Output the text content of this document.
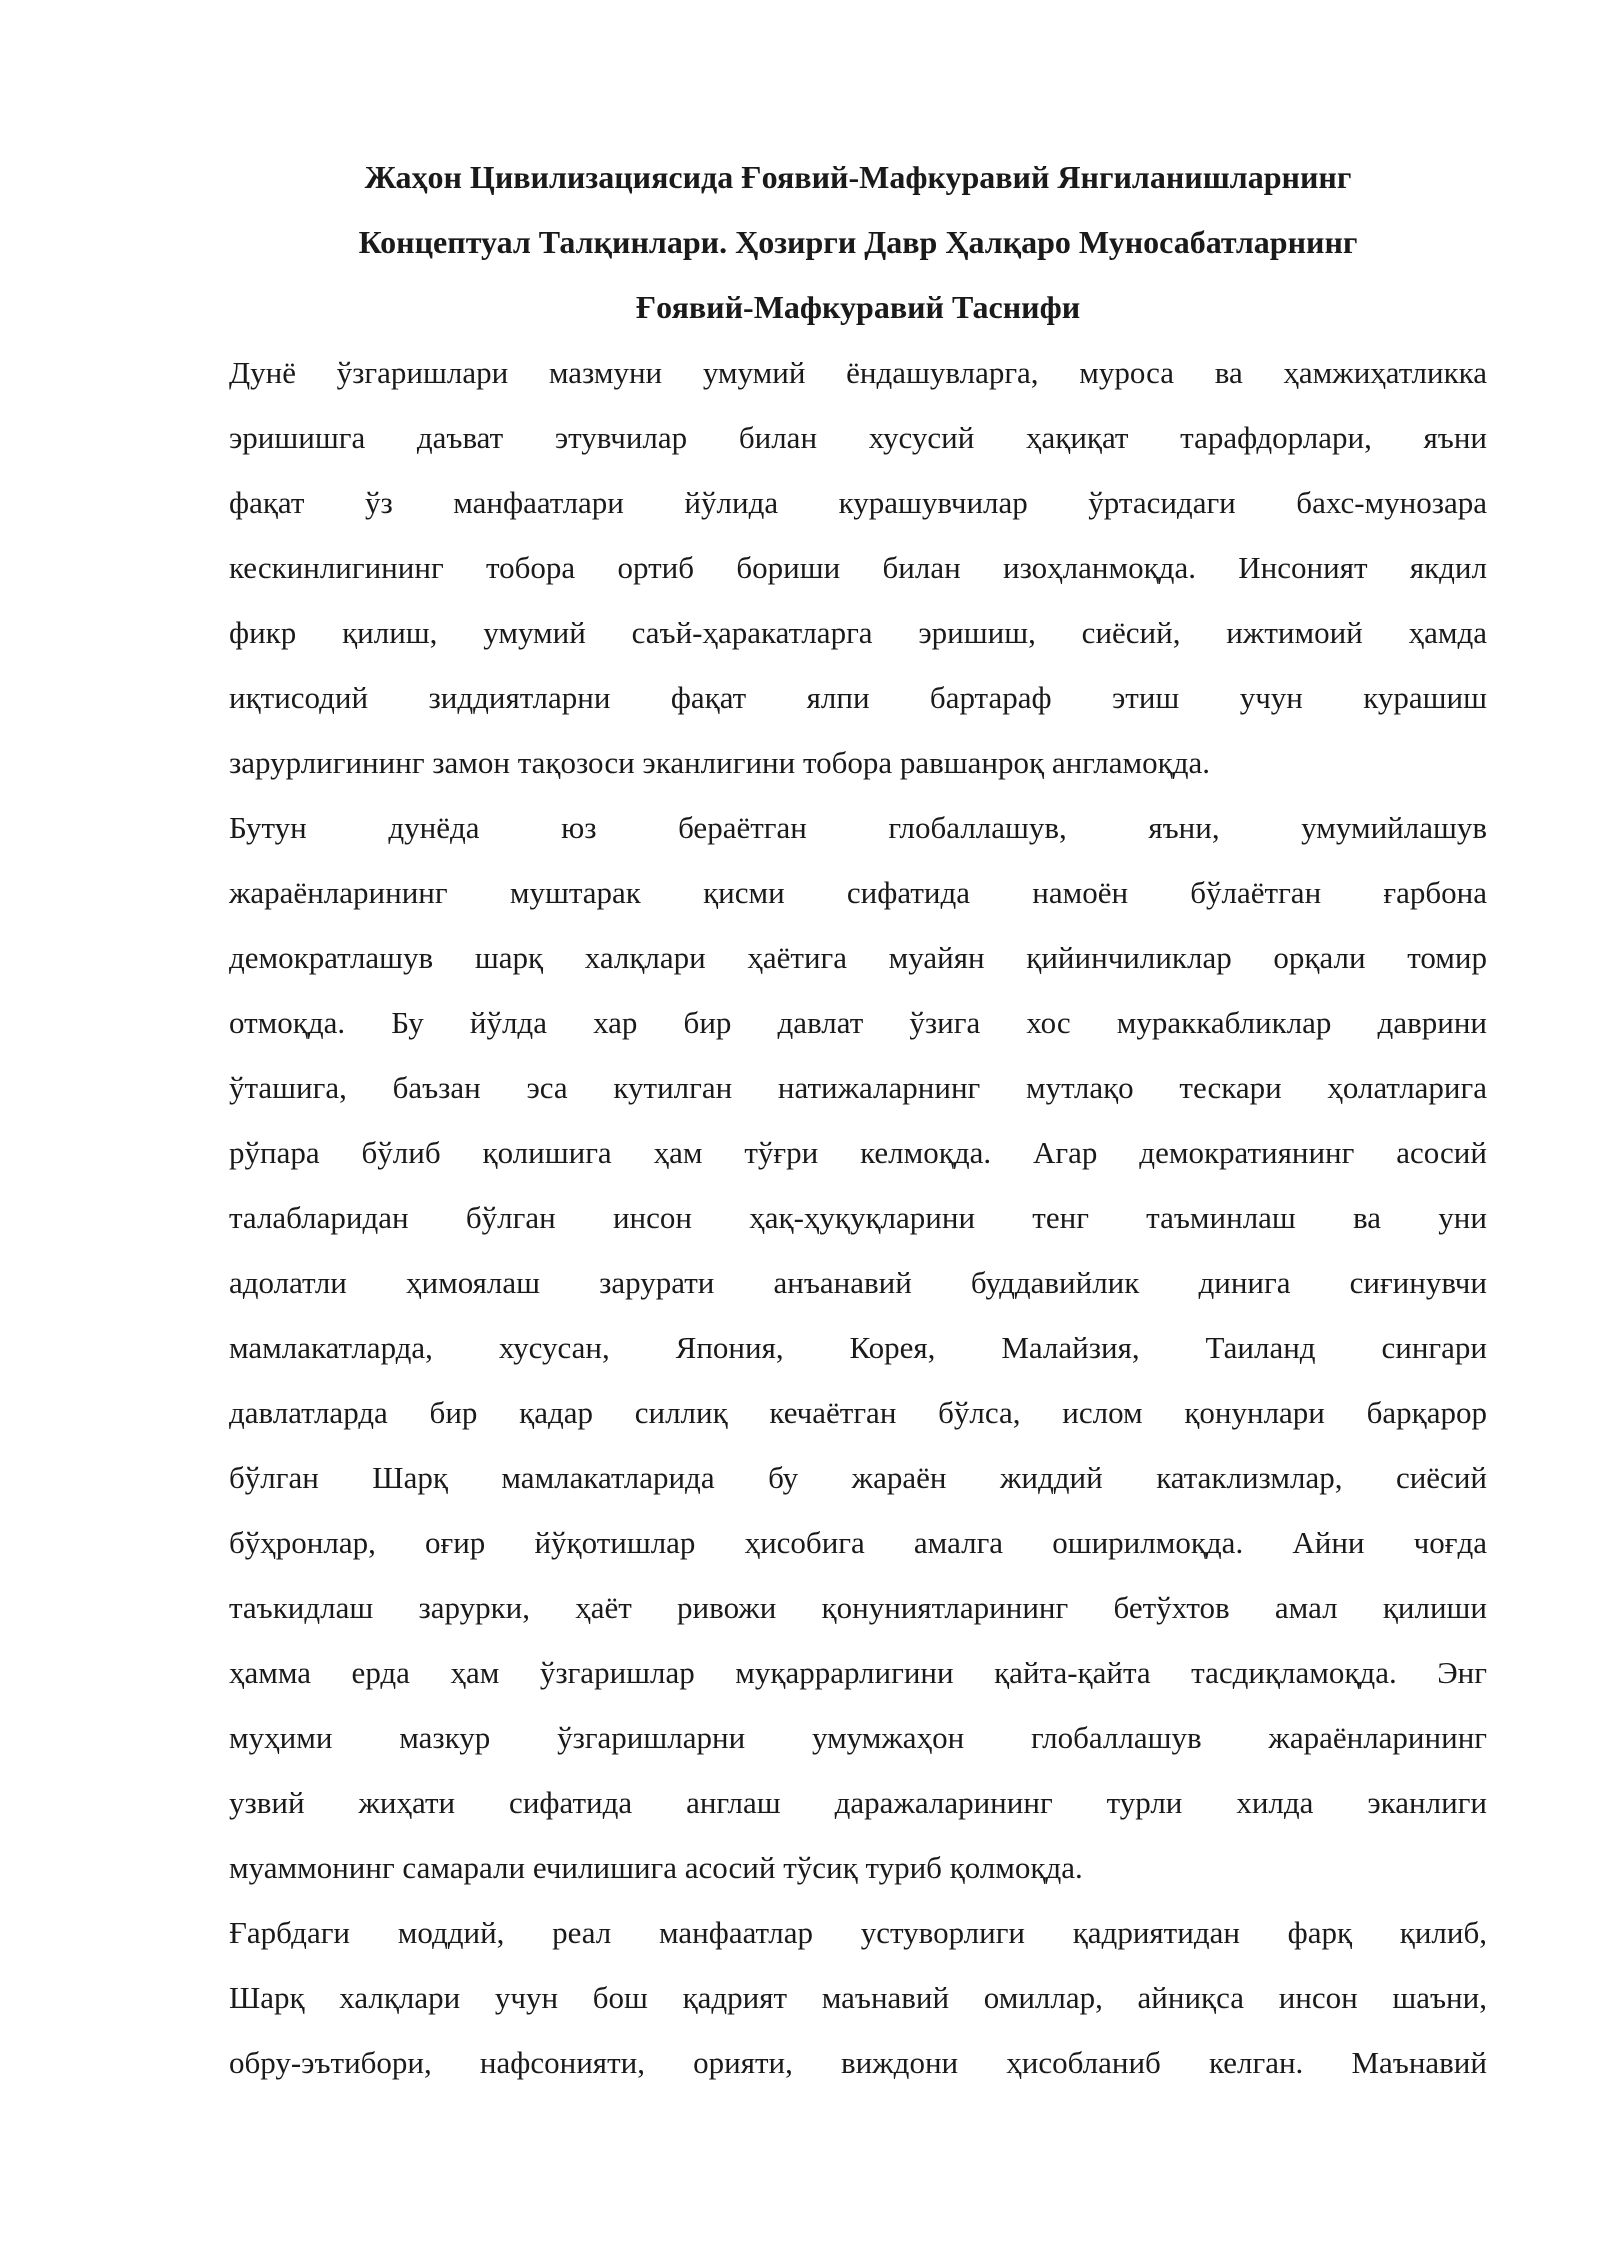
Жаҳон Цивилизациясида Ғоявий-Мафкуравий Янгиланишларнинг
Концептуал Талқинлари. Ҳозирги Давр Ҳалқаро Муносабатларнинг
Ғоявий-Мафкуравий Таснифи

Дунё ўзгаришлари мазмуни умумий ёндашувларга, муроса ва ҳамжиҳатликка
эришишга даъват этувчилар билан хусусий ҳақиқат тарафдорлари, яъни
фақат ўз манфаатлари йўлида курашувчилар ўртасидаги бахс-мунозара
кескинлигининг тобора ортиб бориши билан изоҳланмоқда. Инсоният якдил
фикр қилиш, умумий саъй-ҳаракатларга эришиш, сиёсий, ижтимоий ҳамда
иқтисодий зиддиятларни фақат ялпи бартараф этиш учун курашиш
зарурлигининг замон тақозоси эканлигини тобора равшанроқ англамоқда.

Бутун дунёда юз бераётган глобаллашув, яъни, умумийлашув
жараёнларининг муштарак қисми сифатида намоён бўлаётган ғарбона
демократлашув шарқ халқлари ҳаётига муайян қийинчиликлар орқали томир
отмоқда. Бу йўлда хар бир давлат ўзига хос мураккабликлар даврини
ўташига, баъзан эса кутилган натижаларнинг мутлақо тескари ҳолатларига
рўпара бўлиб қолишига ҳам тўғри келмоқда. Агар демократиянинг асосий
талабларидан бўлган инсон ҳақ-ҳуқуқларини тенг таъминлаш ва уни
адолатли ҳимоялаш зарурати анъанавий буддавийлик динига сиғинувчи
мамлакатларда, хусусан, Япония, Корея, Малайзия, Таиланд сингари
давлатларда бир қадар силлиқ кечаётган бўлса, ислом қонунлари барқарор
бўлган Шарқ мамлакатларида бу жараён жиддий катаклизмлар, сиёсий
бўҳронлар, оғир йўқотишлар ҳисобига амалга оширилмоқда. Айни чоғда
таъкидлаш зарурки, ҳаёт ривожи қонуниятларининг бетўхтов амал қилиши
ҳамма ерда ҳам ўзгаришлар муқаррарлигини қайта-қайта тасдиқламоқда. Энг
муҳими мазкур ўзгаришларни умумжаҳон глобаллашув жараёнларининг
узвий жиҳати сифатида англаш даражаларининг турли хилда эканлиги
муаммонинг самарали ечилишига асосий тўсиқ туриб қолмоқда.

Ғарбдаги моддий, реал манфаатлар устуворлиги қадриятидан фарқ қилиб,
Шарқ халқлари учун бош қадрият маънавий омиллар, айниқса инсон шаъни,
обру-эътибори, нафсонияти, орияти, виждони ҳисобланиб келган. Маънавий
